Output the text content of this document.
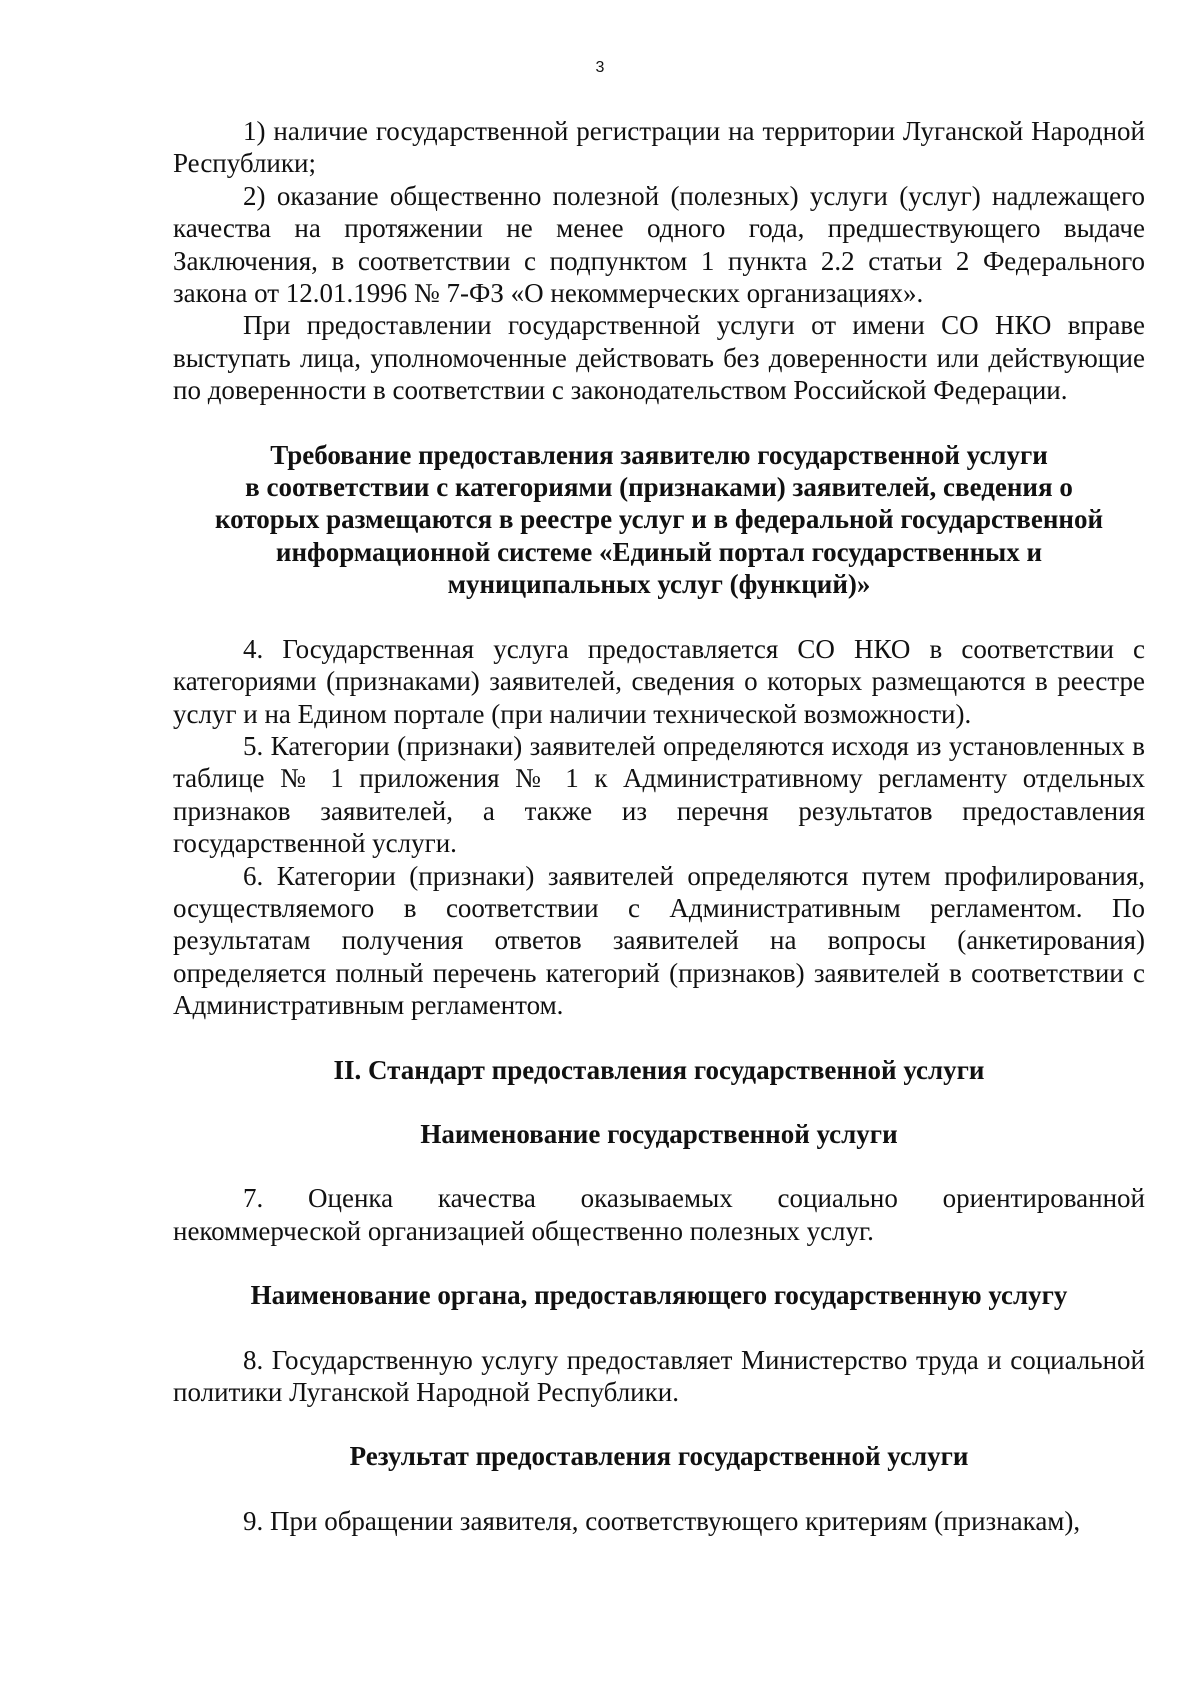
3

1) наличие государственной регистрации на территории Луганской Народной Республики;

2) оказание общественно полезной (полезных) услуги (услуг) надлежащего качества на протяжении не менее одного года, предшествующего выдаче Заключения, в соответствии с подпунктом 1 пункта 2.2 статьи 2 Федерального закона от 12.01.1996 № 7-ФЗ «О некоммерческих организациях».

При предоставлении государственной услуги от имени СО НКО вправе выступать лица, уполномоченные действовать без доверенности или действующие по доверенности в соответствии с законодательством Российской Федерации.

Требование предоставления заявителю государственной услуги
в соответствии с категориями (признаками) заявителей, сведения о
которых размещаются в реестре услуг и в федеральной государственной
информационной системе «Единый портал государственных и
муниципальных услуг (функций)»

4. Государственная услуга предоставляется СО НКО в соответствии с категориями (признаками) заявителей, сведения о которых размещаются в реестре услуг и на Едином портале (при наличии технической возможности).

5. Категории (признаки) заявителей определяются исходя из установленных в таблице № 1 приложения № 1 к Административному регламенту отдельных признаков заявителей, а также из перечня результатов предоставления государственной услуги.

6. Категории (признаки) заявителей определяются путем профилирования, осуществляемого в соответствии с Административным регламентом. По результатам получения ответов заявителей на вопросы (анкетирования) определяется полный перечень категорий (признаков) заявителей в соответствии с Административным регламентом.

II. Стандарт предоставления государственной услуги
Наименование государственной услуги

7. Оценка качества оказываемых социально ориентированной некоммерческой организацией общественно полезных услуг.

Наименование органа, предоставляющего государственную услугу

8. Государственную услугу предоставляет Министерство труда и социальной политики Луганской Народной Республики.

Результат предоставления государственной услуги

9. При обращении заявителя, соответствующего критериям (признакам),
